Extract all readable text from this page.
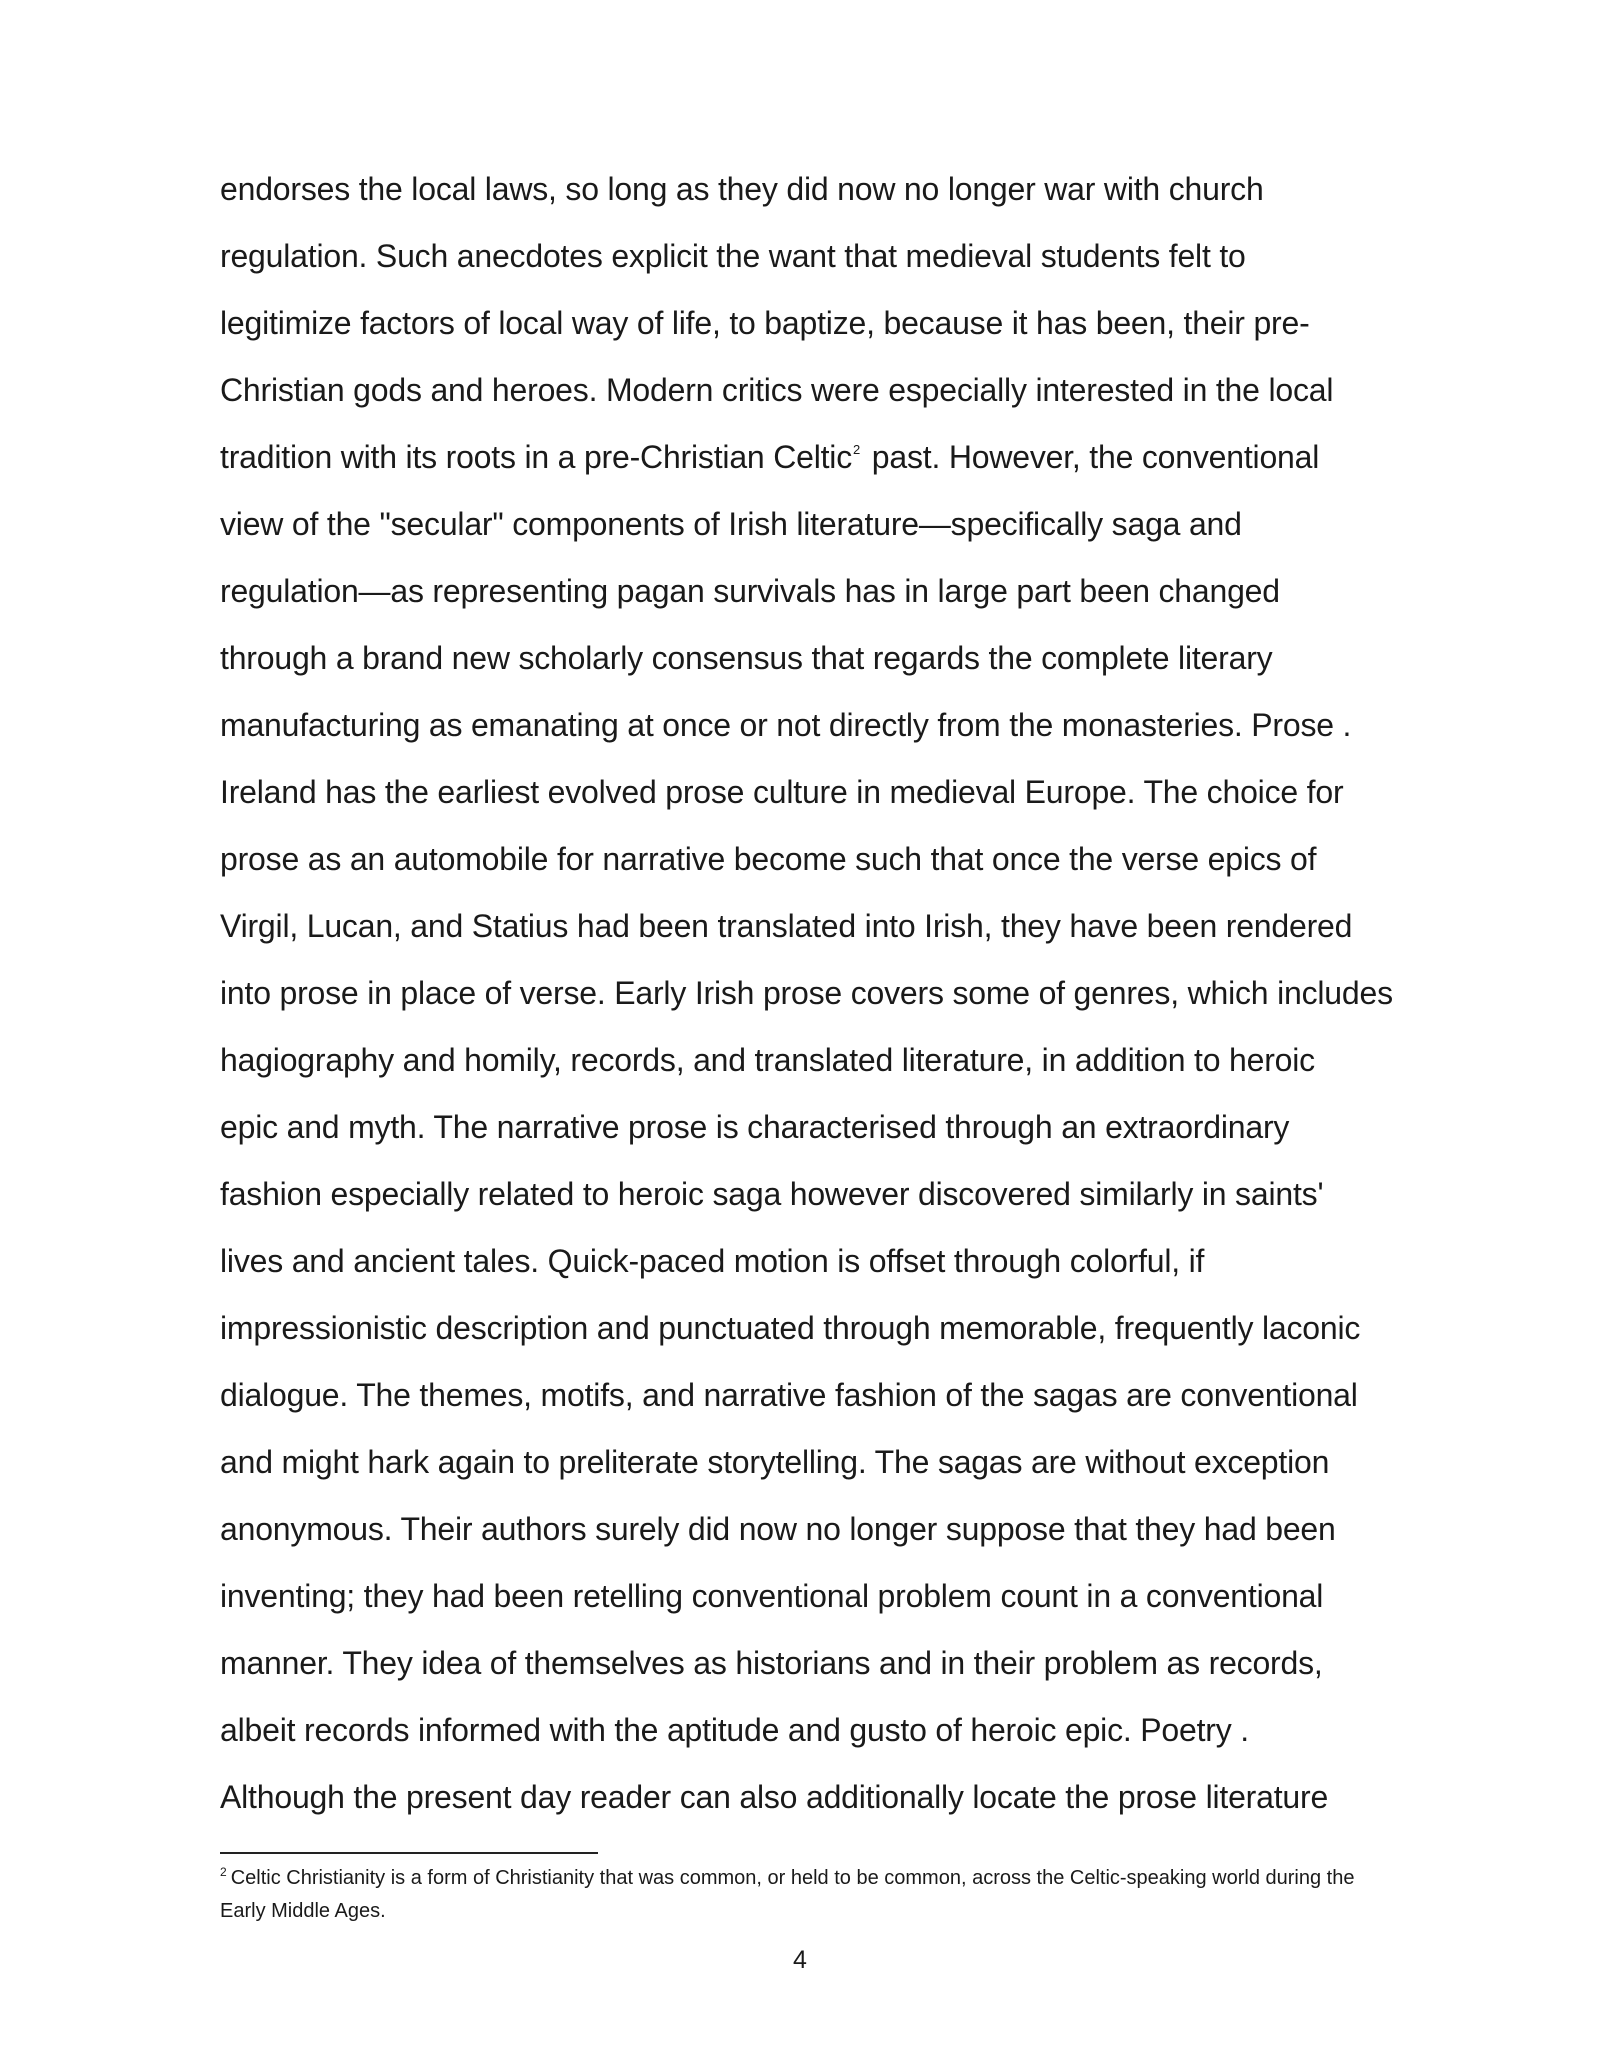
endorses the local laws, so long as they did now no longer war with church
regulation. Such anecdotes explicit the want that medieval students felt to
legitimize factors of local way of life, to baptize, because it has been, their pre-
Christian gods and heroes. Modern critics were especially interested in the local
tradition with its roots in a pre-Christian Celtic$^2$ past. However, the conventional
view of the "secular" components of Irish literature—specifically saga and
regulation—as representing pagan survivals has in large part been changed
through a brand new scholarly consensus that regards the complete literary
manufacturing as emanating at once or not directly from the monasteries. Prose .
Ireland has the earliest evolved prose culture in medieval Europe. The choice for
prose as an automobile for narrative become such that once the verse epics of
Virgil, Lucan, and Statius had been translated into Irish, they have been rendered
into prose in place of verse. Early Irish prose covers some of genres, which includes
hagiography and homily, records, and translated literature, in addition to heroic
epic and myth. The narrative prose is characterised through an extraordinary
fashion especially related to heroic saga however discovered similarly in saints'
lives and ancient tales. Quick-paced motion is offset through colorful, if
impressionistic description and punctuated through memorable, frequently laconic
dialogue. The themes, motifs, and narrative fashion of the sagas are conventional
and might hark again to preliterate storytelling. The sagas are without exception
anonymous. Their authors surely did now no longer suppose that they had been
inventing; they had been retelling conventional problem count in a conventional
manner. They idea of themselves as historians and in their problem as records,
albeit records informed with the aptitude and gusto of heroic epic. Poetry .
Although the present day reader can also additionally locate the prose literature
$^2$ Celtic Christianity is a form of Christianity that was common, or held to be common, across the Celtic-speaking world during the
Early Middle Ages.
4
